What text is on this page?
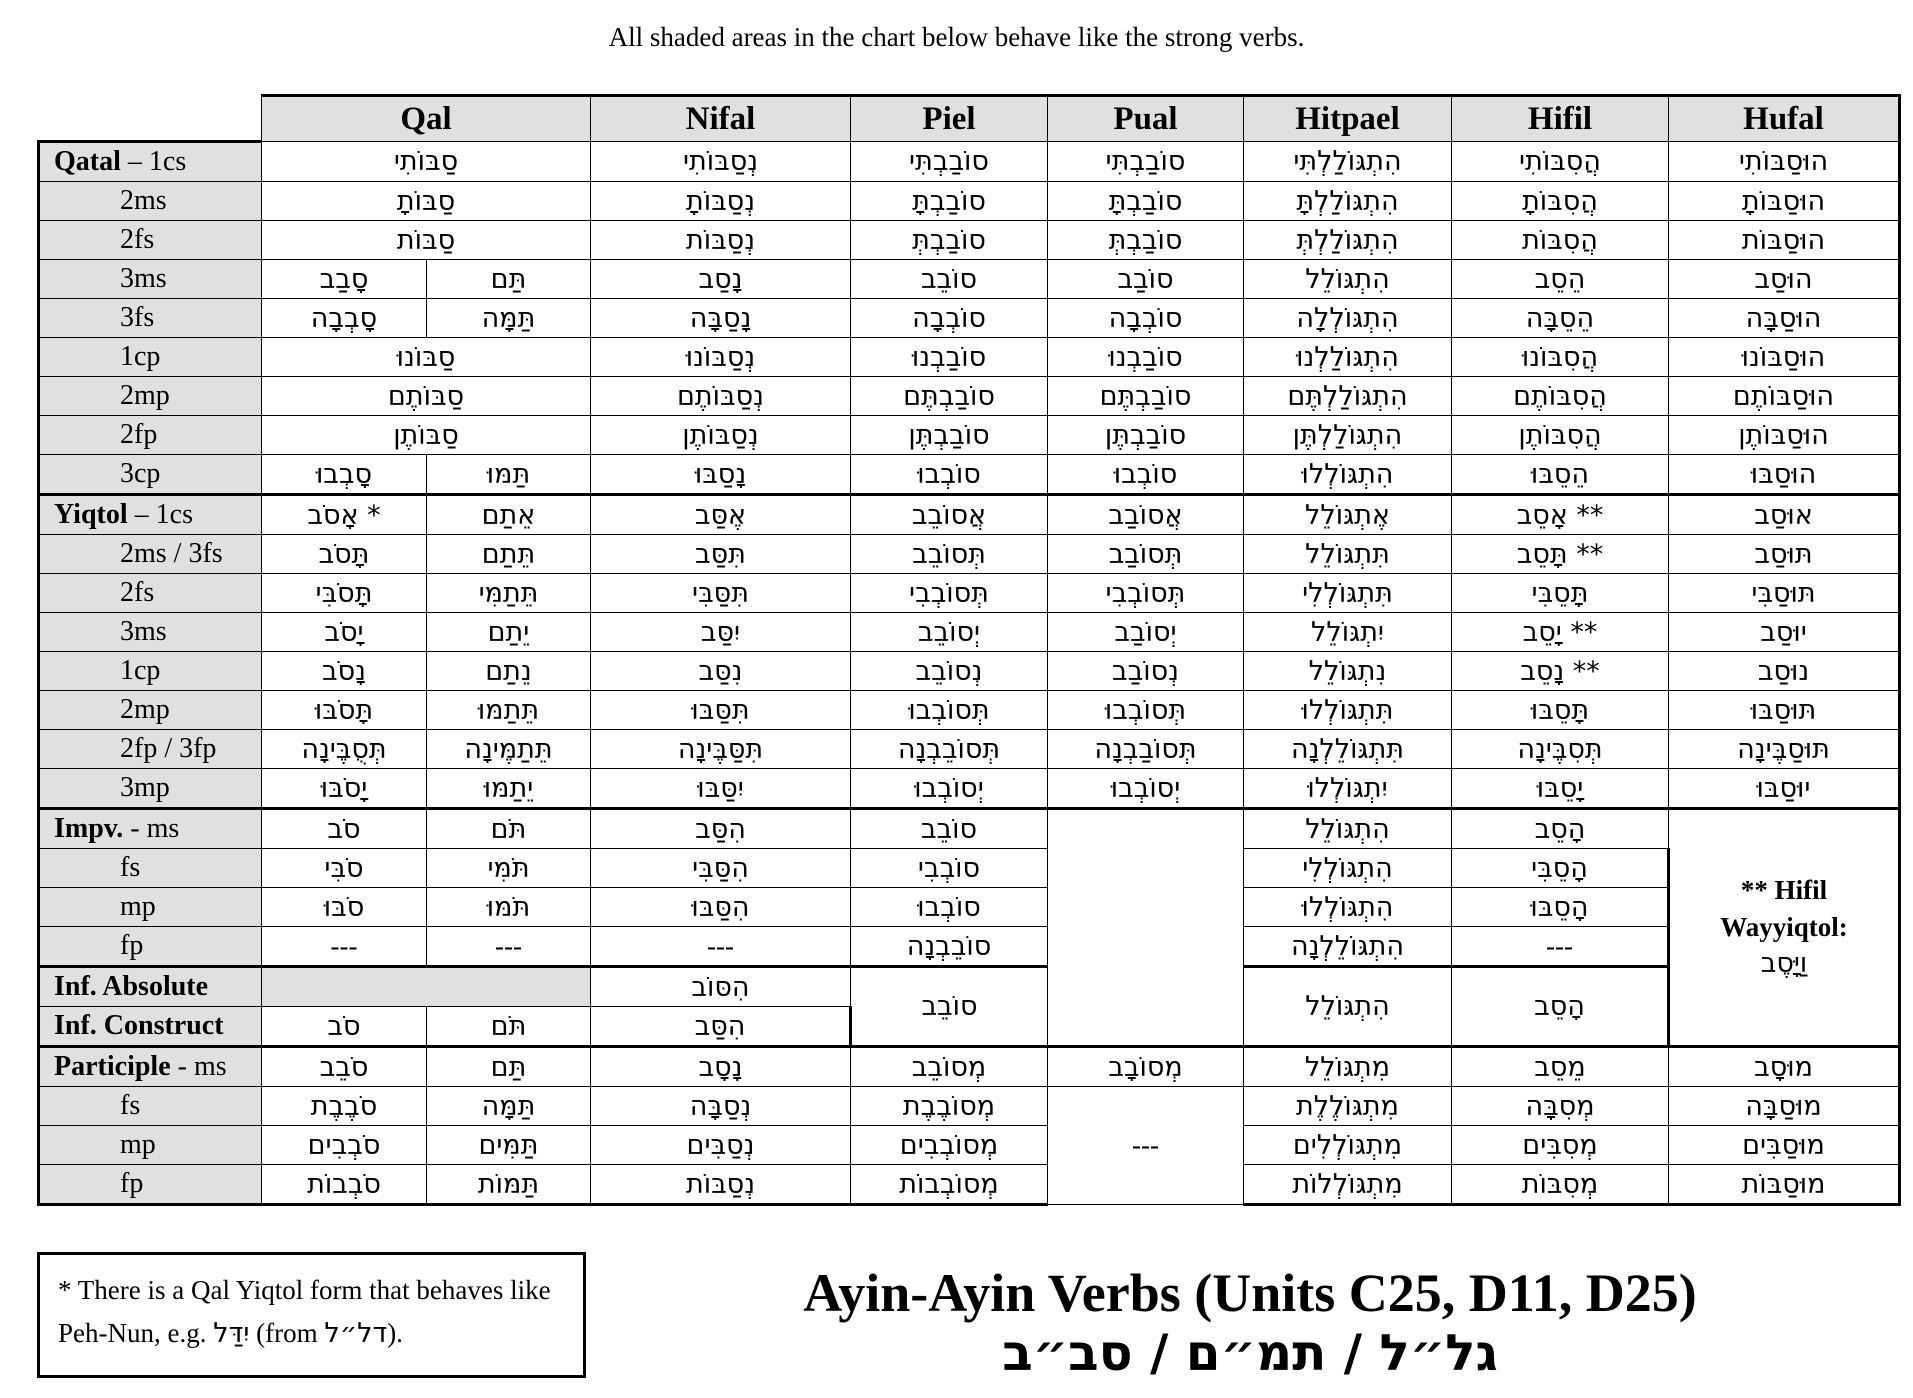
All shaded areas in the chart below behave like the strong verbs.
	Qal		Nifal	Piel	Pual	Hitpael	Hifil	Hufal
Qatal – 1cs	סַבּוֹתִי		נְסַבּוֹתִי	סוֹבַבְתִּי	סוֹבַבְתִּי	הִתְגּוֹלַלְתִּי	הֲסִבּוֹתִי	הוּסַבּוֹתִי
2ms	סַבּוֹתָ		נְסַבּוֹתָ	סוֹבַבְתָּ	סוֹבַבְתָּ	הִתְגּוֹלַלְתָּ	הֲסִבּוֹתָ	הוּסַבּוֹתָ
2fs	סַבּוֹת		נְסַבּוֹת	סוֹבַבְתְּ	סוֹבַבְתְּ	הִתְגּוֹלַלְתְּ	הֲסִבּוֹת	הוּסַבּוֹת
3ms	סָבַב	תַּם	נָסַב	סוֹבֵב	סוֹבַב	הִתְגּוֹלֵל	הֵסֵב	הוּסַב
3fs	סָבְבָה	תַּמָּה	נָסַבָּה	סוֹבְבָה	סוֹבְבָה	הִתְגּוֹלְלָה	הֵסֵבָּה	הוּסַבָּה
1cp	סַבּוֹנוּ		נְסַבּוֹנוּ	סוֹבַבְנוּ	סוֹבַבְנוּ	הִתְגּוֹלַלְנוּ	הֲסִבּוֹנוּ	הוּסַבּוֹנוּ
2mp	סַבּוֹתֶם		נְסַבּוֹתֶם	סוֹבַבְתֶּם	סוֹבַבְתֶּם	הִתְגּוֹלַלְתֶּם	הֲסִבּוֹתֶם	הוּסַבּוֹתֶם
2fp	סַבּוֹתֶן		נְסַבּוֹתֶן	סוֹבַבְתֶּן	סוֹבַבְתֶּן	הִתְגּוֹלַלְתֶּן	הֲסִבּוֹתֶן	הוּסַבּוֹתֶן
3cp	סָבְבוּ	תַּמּוּ	נָסַבּוּ	סוֹבְבוּ	סוֹבְבוּ	הִתְגּוֹלְלוּ	הֵסֵבּוּ	הוּסַבּוּ
Yiqtol – 1cs	* אָסֹב	אֵתַם	אֶסַּב	אֲסוֹבֵב	אֲסוֹבַב	אֶתְגּוֹלֵל	** אָסֵב	אוּסַב
2ms / 3fs	תָּסֹב	תֵּתַם	תִּסַּב	תְּסוֹבֵב	תְּסוֹבַב	תִּתְגּוֹלֵל	** תָּסֵב	תּוּסַב
2fs	תָּסֹבִּי	תֵּתַמִּי	תִּסַּבִּי	תְּסוֹבְבִי	תְּסוֹבְבִי	תִּתְגּוֹלְלִי	תָּסֵבִּי	תּוּסַבִּי
3ms	יָסֹב	יֵתַם	יִסַּב	יְסוֹבֵב	יְסוֹבַב	יִתְגּוֹלֵל	** יָסֵב	יוּסַב
1cp	נָסֹב	נֵתַם	נִסַּב	נְסוֹבֵב	נְסוֹבַב	נִתְגּוֹלֵל	** נָסֵב	נוּסַב
2mp	תָּסֹבּוּ	תֵּתַמּוּ	תִּסַּבּוּ	תְּסוֹבְבוּ	תְּסוֹבְבוּ	תִּתְגּוֹלְלוּ	תָּסֵבּוּ	תּוּסַבּוּ
2fp / 3fp	תְּסֻבֶּינָה	תֵּתַמֶּינָה	תִּסַּבֶּינָה	תְּסוֹבֵבְנָה	תְּסוֹבַבְנָה	תִּתְגּוֹלֵלְנָה	תְּסִבֶּינָה	תּוּסַבֶּינָה
3mp	יָסֹבּוּ	יֵתַמּוּ	יִסַּבּוּ	יְסוֹבְבוּ	יְסוֹבְבוּ	יִתְגּוֹלְלוּ	יָסֵבּוּ	יוּסַבּוּ
Impv. - ms	סֹב	תֹּם	הִסַּב	סוֹבֵב		הִתְגּוֹלֵל	הָסֵב	** Hifil
Wayyiqtol:
וַיָּסֶב
fs	סֹבִּי	תֹּמִּי	הִסַּבִּי	סוֹבְבִי		הִתְגּוֹלְלִי	הָסֵבִּי	
mp	סֹבּוּ	תֹּמּוּ	הִסַּבּוּ	סוֹבְבוּ		הִתְגּוֹלְלוּ	הָסֵבּוּ	
fp	---	---	---	סוֹבֵבְנָה		הִתְגּוֹלֵלְנָה	---	
Inf. Absolute			הִסּוֹב	סוֹבֵב		הִתְגּוֹלֵל	הָסֵב	
Inf. Construct	סֹב	תֹּם	הִסַּב					
Participle - ms	סֹבֵב	תַּם	נָסָב	מְסוֹבֵב	מְסוֹבָב	מִתְגּוֹלֵל	מֵסֵב	מוּסָב
fs	סֹבֶבֶת	תַּמָּה	נְסַבָּה	מְסוֹבֶבֶת	---	מִתְגּוֹלֶלֶת	מְסִבָּה	מוּסַבָּה
mp	סֹבְבִים	תַּמִּים	נְסַבִּים	מְסוֹבְבִים		מִתְגּוֹלְלִים	מְסִבִּים	מוּסַבִּים
fp	סֹבְבוֹת	תַּמּוֹת	נְסַבּוֹת	מְסוֹבְבוֹת		מִתְגּוֹלְלוֹת	מְסִבּוֹת	מוּסַבּוֹת
* There is a Qal Yiqtol form that behaves like Peh-Nun, e.g. יִדַּל (from דל״ל).
Ayin-Ayin Verbs (Units C25, D11, D25)
גל״ל / תמ״ם / סב״ב
